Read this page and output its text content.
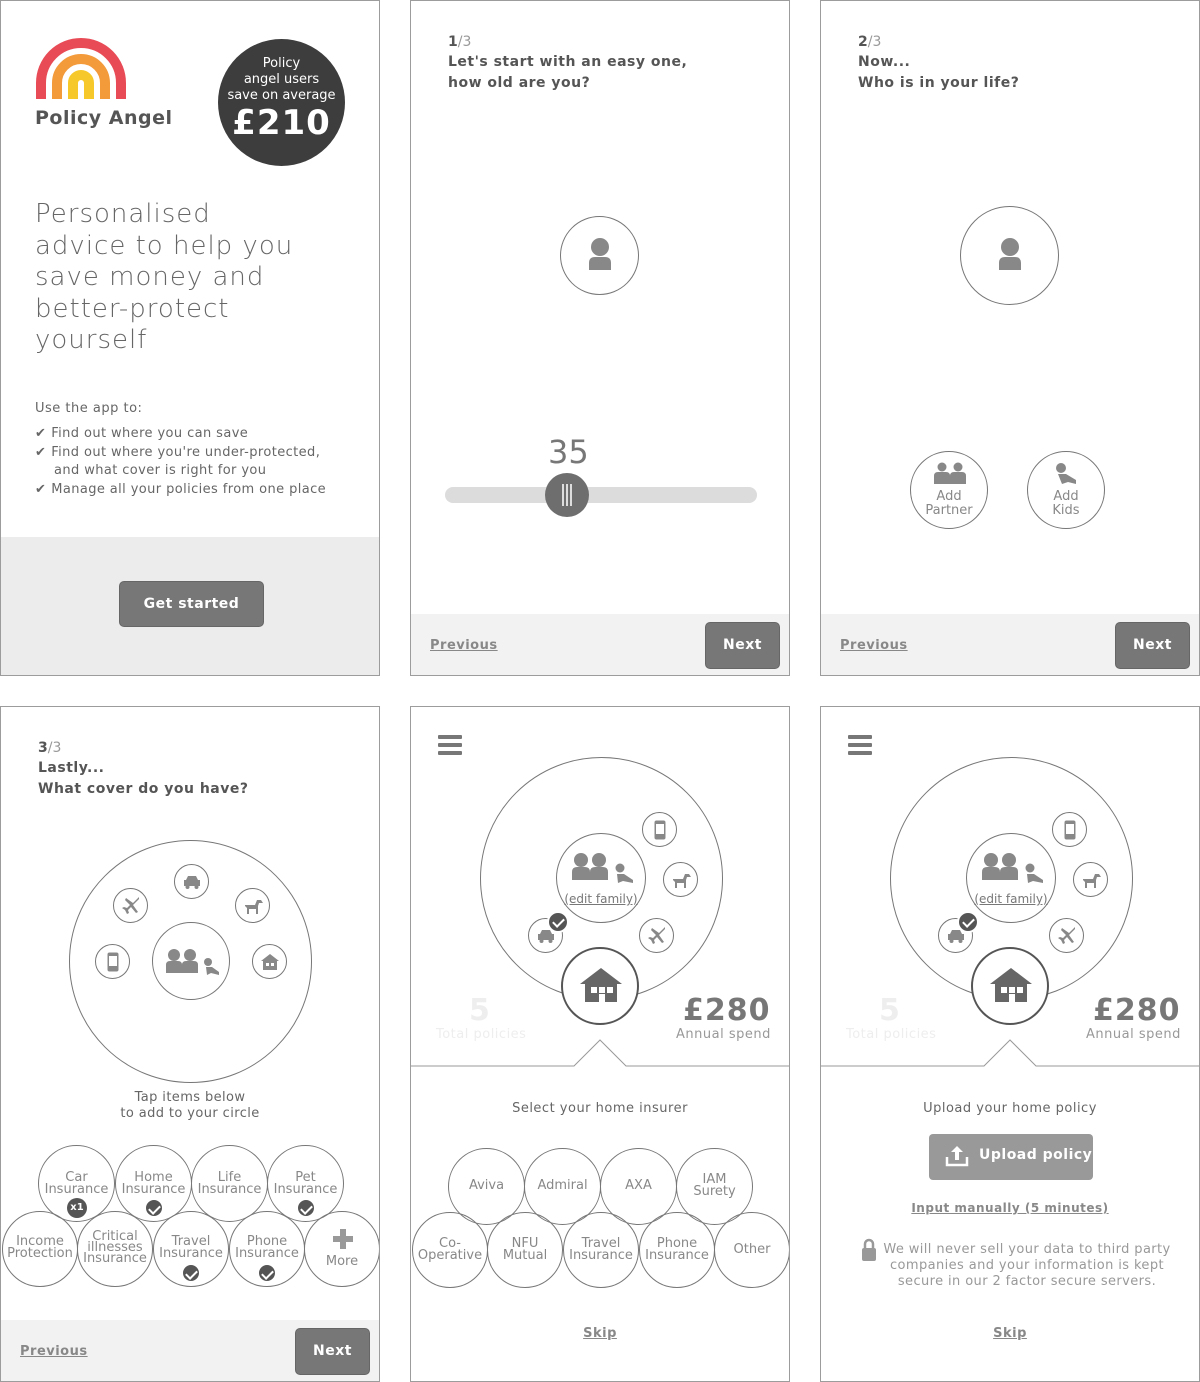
Policy Angel
Policy
angel users
save on average
£210
Personalised
advice to help you
save money and
better-protect
yourself
Use the app to:
✔ Find out where you can save
✔ Find out where you're under-protected,
and what cover is right for you
✔ Manage all your policies from one place
Get started
1/3
Let's start with an easy one,
how old are you?
35
Previous	Next
2/3
Now...
Who is in your life?
Add
Partner
Add
Kids
Previous	Next
3/3
Lastly...
What cover do you have?
Tap items below
to add to your circle
Car
Insurance
x1
Home
Insurance
Life
Insurance
Pet
Insurance
Income
Protection
Critical
illnesses
Insurance
Travel
Insurance
Phone
Insurance
More
Previous	Next
(edit family)
5
Total policies
£280
Annual spend
Select your home insurer
Aviva	Admiral	AXA	IAM
Surety
Co-
Operative
NFU
Mutual
Travel
Insurance
Phone
Insurance	Other
Skip
(edit family)
5
Total policies
£280
Annual spend
Upload your home policy
Upload policy
Input manually (5 minutes)
We will never sell your data to third party
companies and your information is kept
secure in our 2 factor secure servers.
Skip
